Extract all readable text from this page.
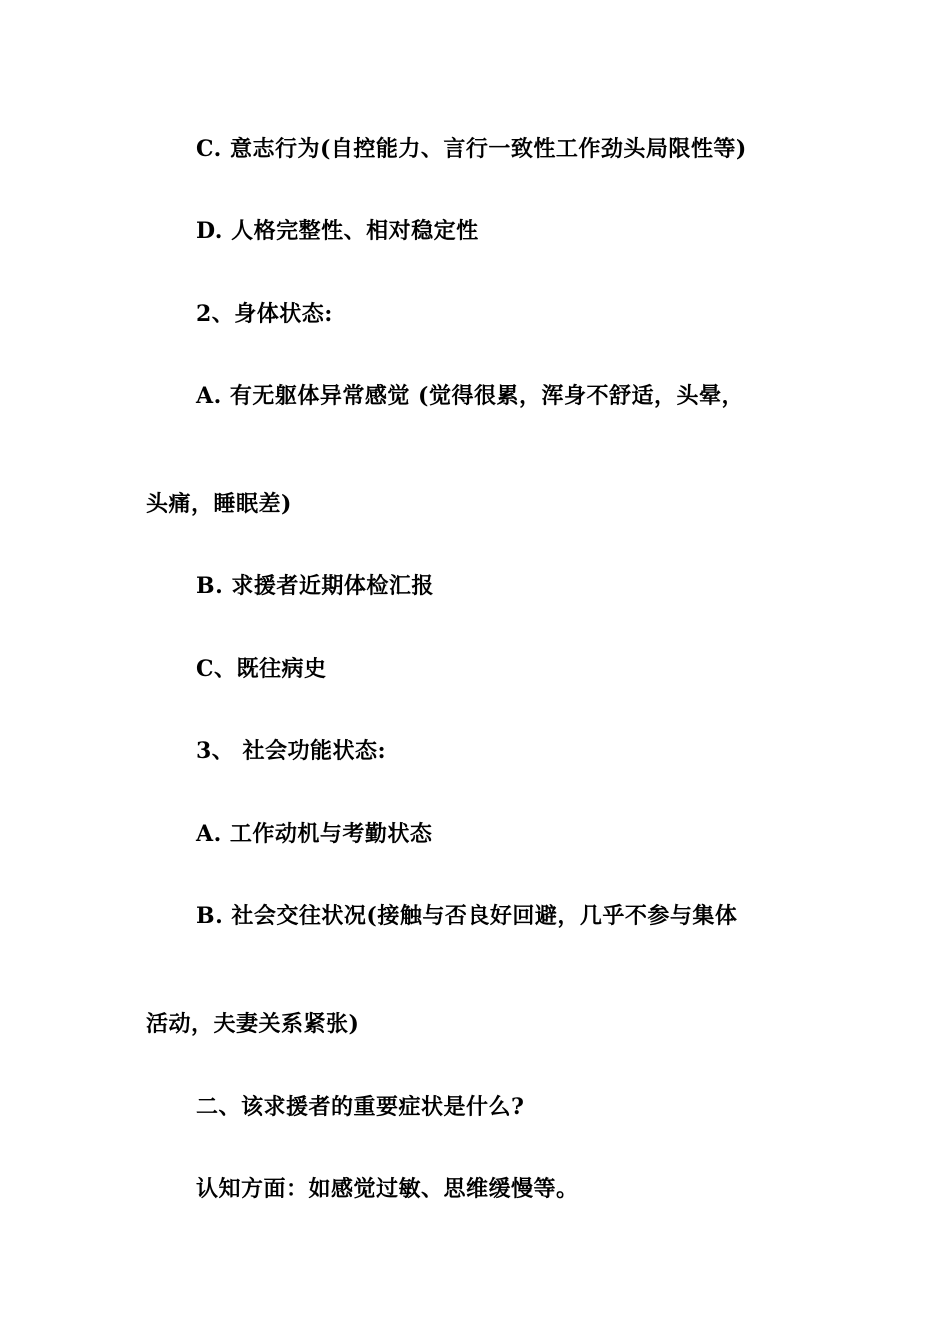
C. 意志行为(自控能力、言行一致性工作劲头局限性等)
D. 人格完整性、相对稳定性
2、身体状态:
A. 有无躯体异常感觉 (觉得很累，浑身不舒适，头晕，
头痛，睡眠差)
B. 求援者近期体检汇报
C、既往病史
3、 社会功能状态:
A. 工作动机与考勤状态
B. 社会交往状况(接触与否良好回避，几乎不参与集体
活动，夫妻关系紧张)
二、该求援者的重要症状是什么?
认知方面：如感觉过敏、思维缓慢等。
